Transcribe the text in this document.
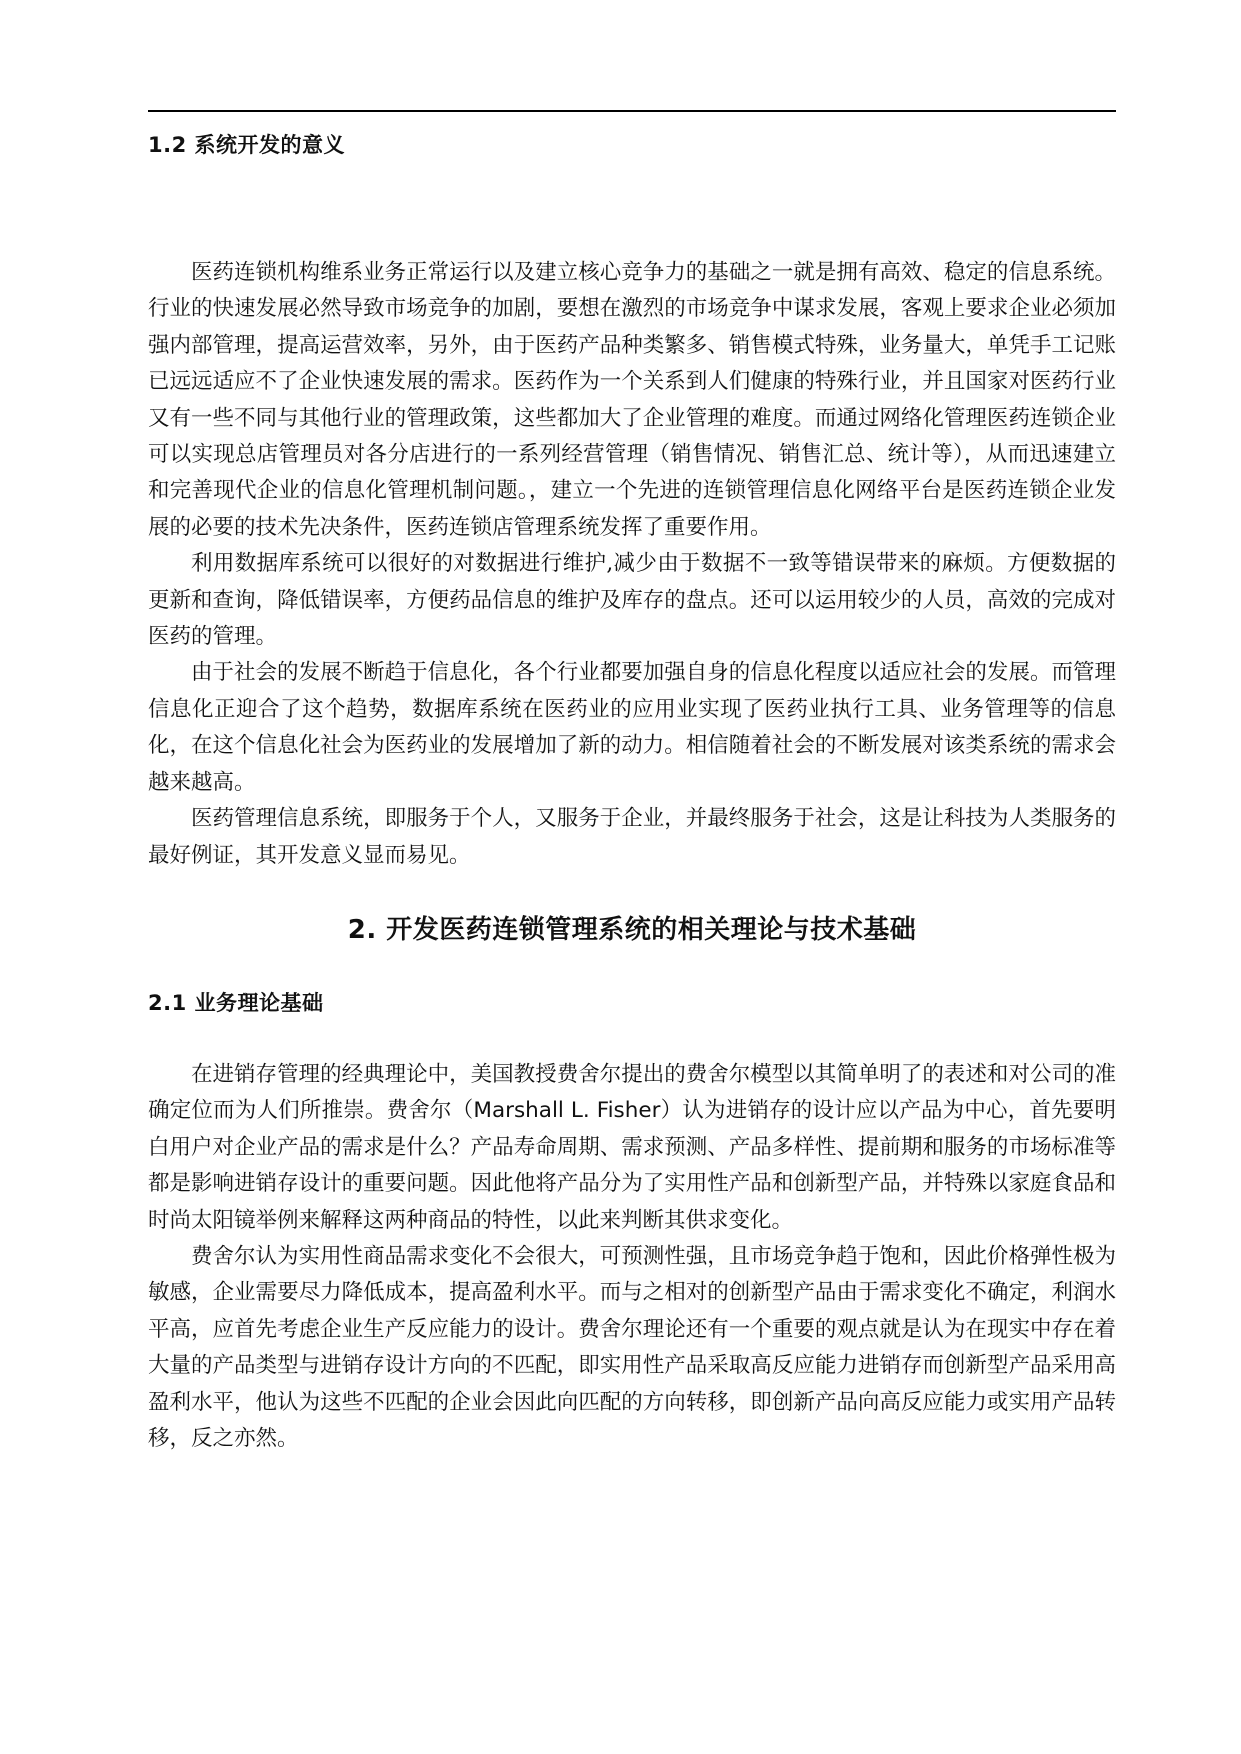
1.2 系统开发的意义

医药连锁机构维系业务正常运行以及建立核心竞争力的基础之一就是拥有高效、稳定的信息系统。行业的快速发展必然导致市场竞争的加剧，要想在激烈的市场竞争中谋求发展，客观上要求企业必须加强内部管理，提高运营效率，另外，由于医药产品种类繁多、销售模式特殊，业务量大，单凭手工记账已远远适应不了企业快速发展的需求。医药作为一个关系到人们健康的特殊行业，并且国家对医药行业又有一些不同与其他行业的管理政策，这些都加大了企业管理的难度。而通过网络化管理医药连锁企业可以实现总店管理员对各分店进行的一系列经营管理（销售情况、销售汇总、统计等），从而迅速建立和完善现代企业的信息化管理机制问题。，建立一个先进的连锁管理信息化网络平台是医药连锁企业发展的必要的技术先决条件，医药连锁店管理系统发挥了重要作用。

利用数据库系统可以很好的对数据进行维护,减少由于数据不一致等错误带来的麻烦。方便数据的更新和查询，降低错误率，方便药品信息的维护及库存的盘点。还可以运用较少的人员，高效的完成对医药的管理。

由于社会的发展不断趋于信息化，各个行业都要加强自身的信息化程度以适应社会的发展。而管理信息化正迎合了这个趋势，数据库系统在医药业的应用业实现了医药业执行工具、业务管理等的信息化，在这个信息化社会为医药业的发展增加了新的动力。相信随着社会的不断发展对该类系统的需求会越来越高。

医药管理信息系统，即服务于个人，又服务于企业，并最终服务于社会，这是让科技为人类服务的最好例证，其开发意义显而易见。

2. 开发医药连锁管理系统的相关理论与技术基础
2.1 业务理论基础

在进销存管理的经典理论中，美国教授费舍尔提出的费舍尔模型以其简单明了的表述和对公司的准确定位而为人们所推崇。费舍尔（Marshall L. Fisher）认为进销存的设计应以产品为中心，首先要明白用户对企业产品的需求是什么？产品寿命周期、需求预测、产品多样性、提前期和服务的市场标准等都是影响进销存设计的重要问题。因此他将产品分为了实用性产品和创新型产品，并特殊以家庭食品和时尚太阳镜举例来解释这两种商品的特性，以此来判断其供求变化。

费舍尔认为实用性商品需求变化不会很大，可预测性强，且市场竞争趋于饱和，因此价格弹性极为敏感，企业需要尽力降低成本，提高盈利水平。而与之相对的创新型产品由于需求变化不确定，利润水平高，应首先考虑企业生产反应能力的设计。费舍尔理论还有一个重要的观点就是认为在现实中存在着大量的产品类型与进销存设计方向的不匹配，即实用性产品采取高反应能力进销存而创新型产品采用高盈利水平，他认为这些不匹配的企业会因此向匹配的方向转移，即创新产品向高反应能力或实用产品转移，反之亦然。
